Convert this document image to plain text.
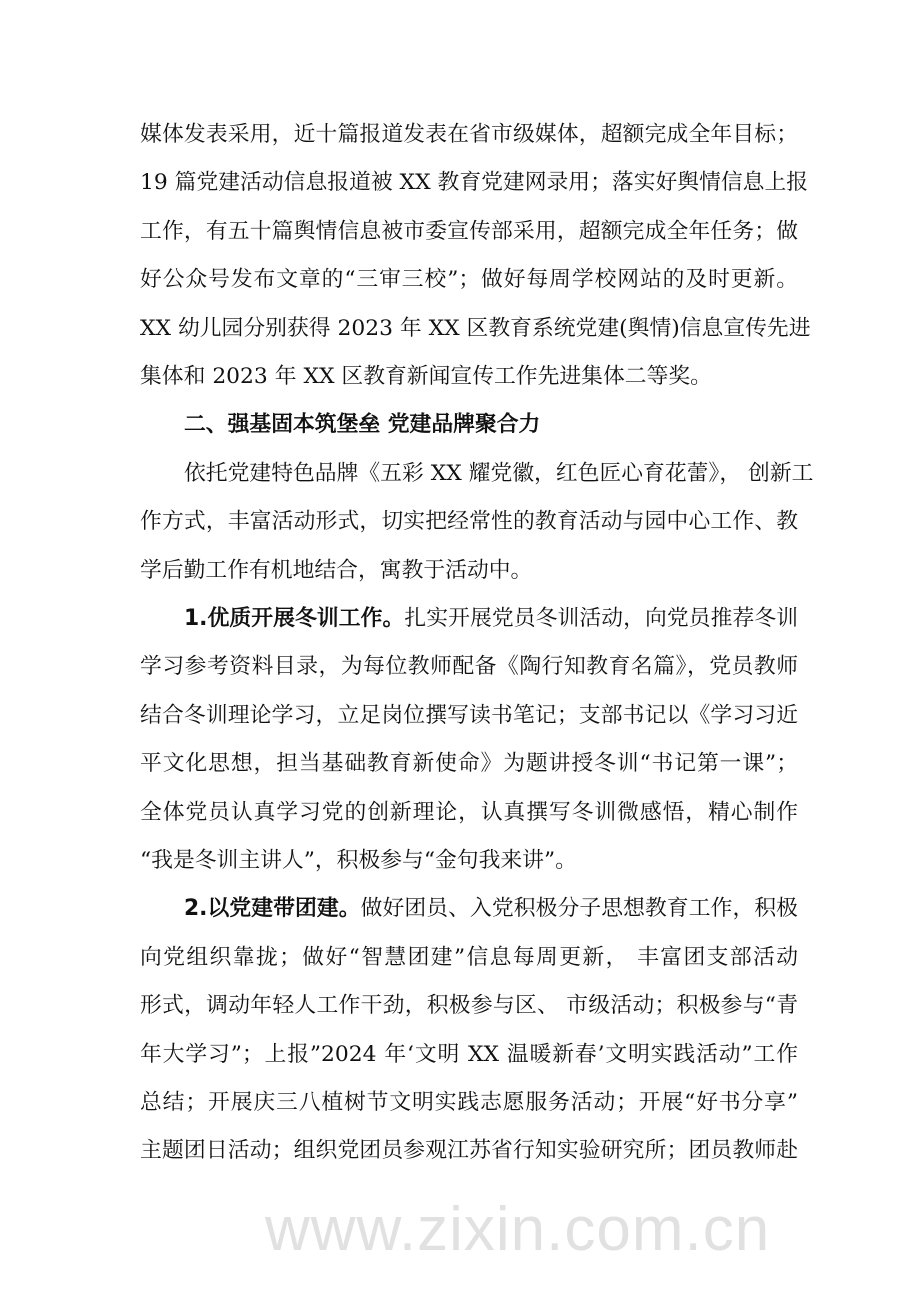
www.zixin.com.cn
媒体发表采用，近十篇报道发表在省市级媒体，超额完成全年目标；
19 篇党建活动信息报道被 XX 教育党建网录用；落实好舆情信息上报
工作，有五十篇舆情信息被市委宣传部采用，超额完成全年任务；做
好公众号发布文章的“三审三校”；做好每周学校网站的及时更新。
XX 幼儿园分别获得 2023 年 XX 区教育系统党建(舆情)信息宣传先进
集体和 2023 年 XX 区教育新闻宣传工作先进集体二等奖。
二、强基固本筑堡垒 党建品牌聚合力
依托党建特色品牌《五彩 XX 耀党徽，红色匠心育花蕾》， 创新工
作方式，丰富活动形式，切实把经常性的教育活动与园中心工作、教
学后勤工作有机地结合，寓教于活动中。
1.优质开展冬训工作。扎实开展党员冬训活动，向党员推荐冬训
学习参考资料目录，为每位教师配备《陶行知教育名篇》，党员教师
结合冬训理论学习，立足岗位撰写读书笔记；支部书记以《学习习近
平文化思想，担当基础教育新使命》为题讲授冬训“书记第一课”；
全体党员认真学习党的创新理论，认真撰写冬训微感悟，精心制作
“我是冬训主讲人”，积极参与“金句我来讲”。
2.以党建带团建。做好团员、入党积极分子思想教育工作，积极
向党组织靠拢；做好“智慧团建”信息每周更新， 丰富团支部活动
形式，调动年轻人工作干劲，积极参与区、 市级活动；积极参与“青
年大学习”；上报”2024 年‘文明 XX 温暖新春’文明实践活动”工作
总结；开展庆三八植树节文明实践志愿服务活动；开展“好书分享”
主题团日活动；组织党团员参观江苏省行知实验研究所；团员教师赴
